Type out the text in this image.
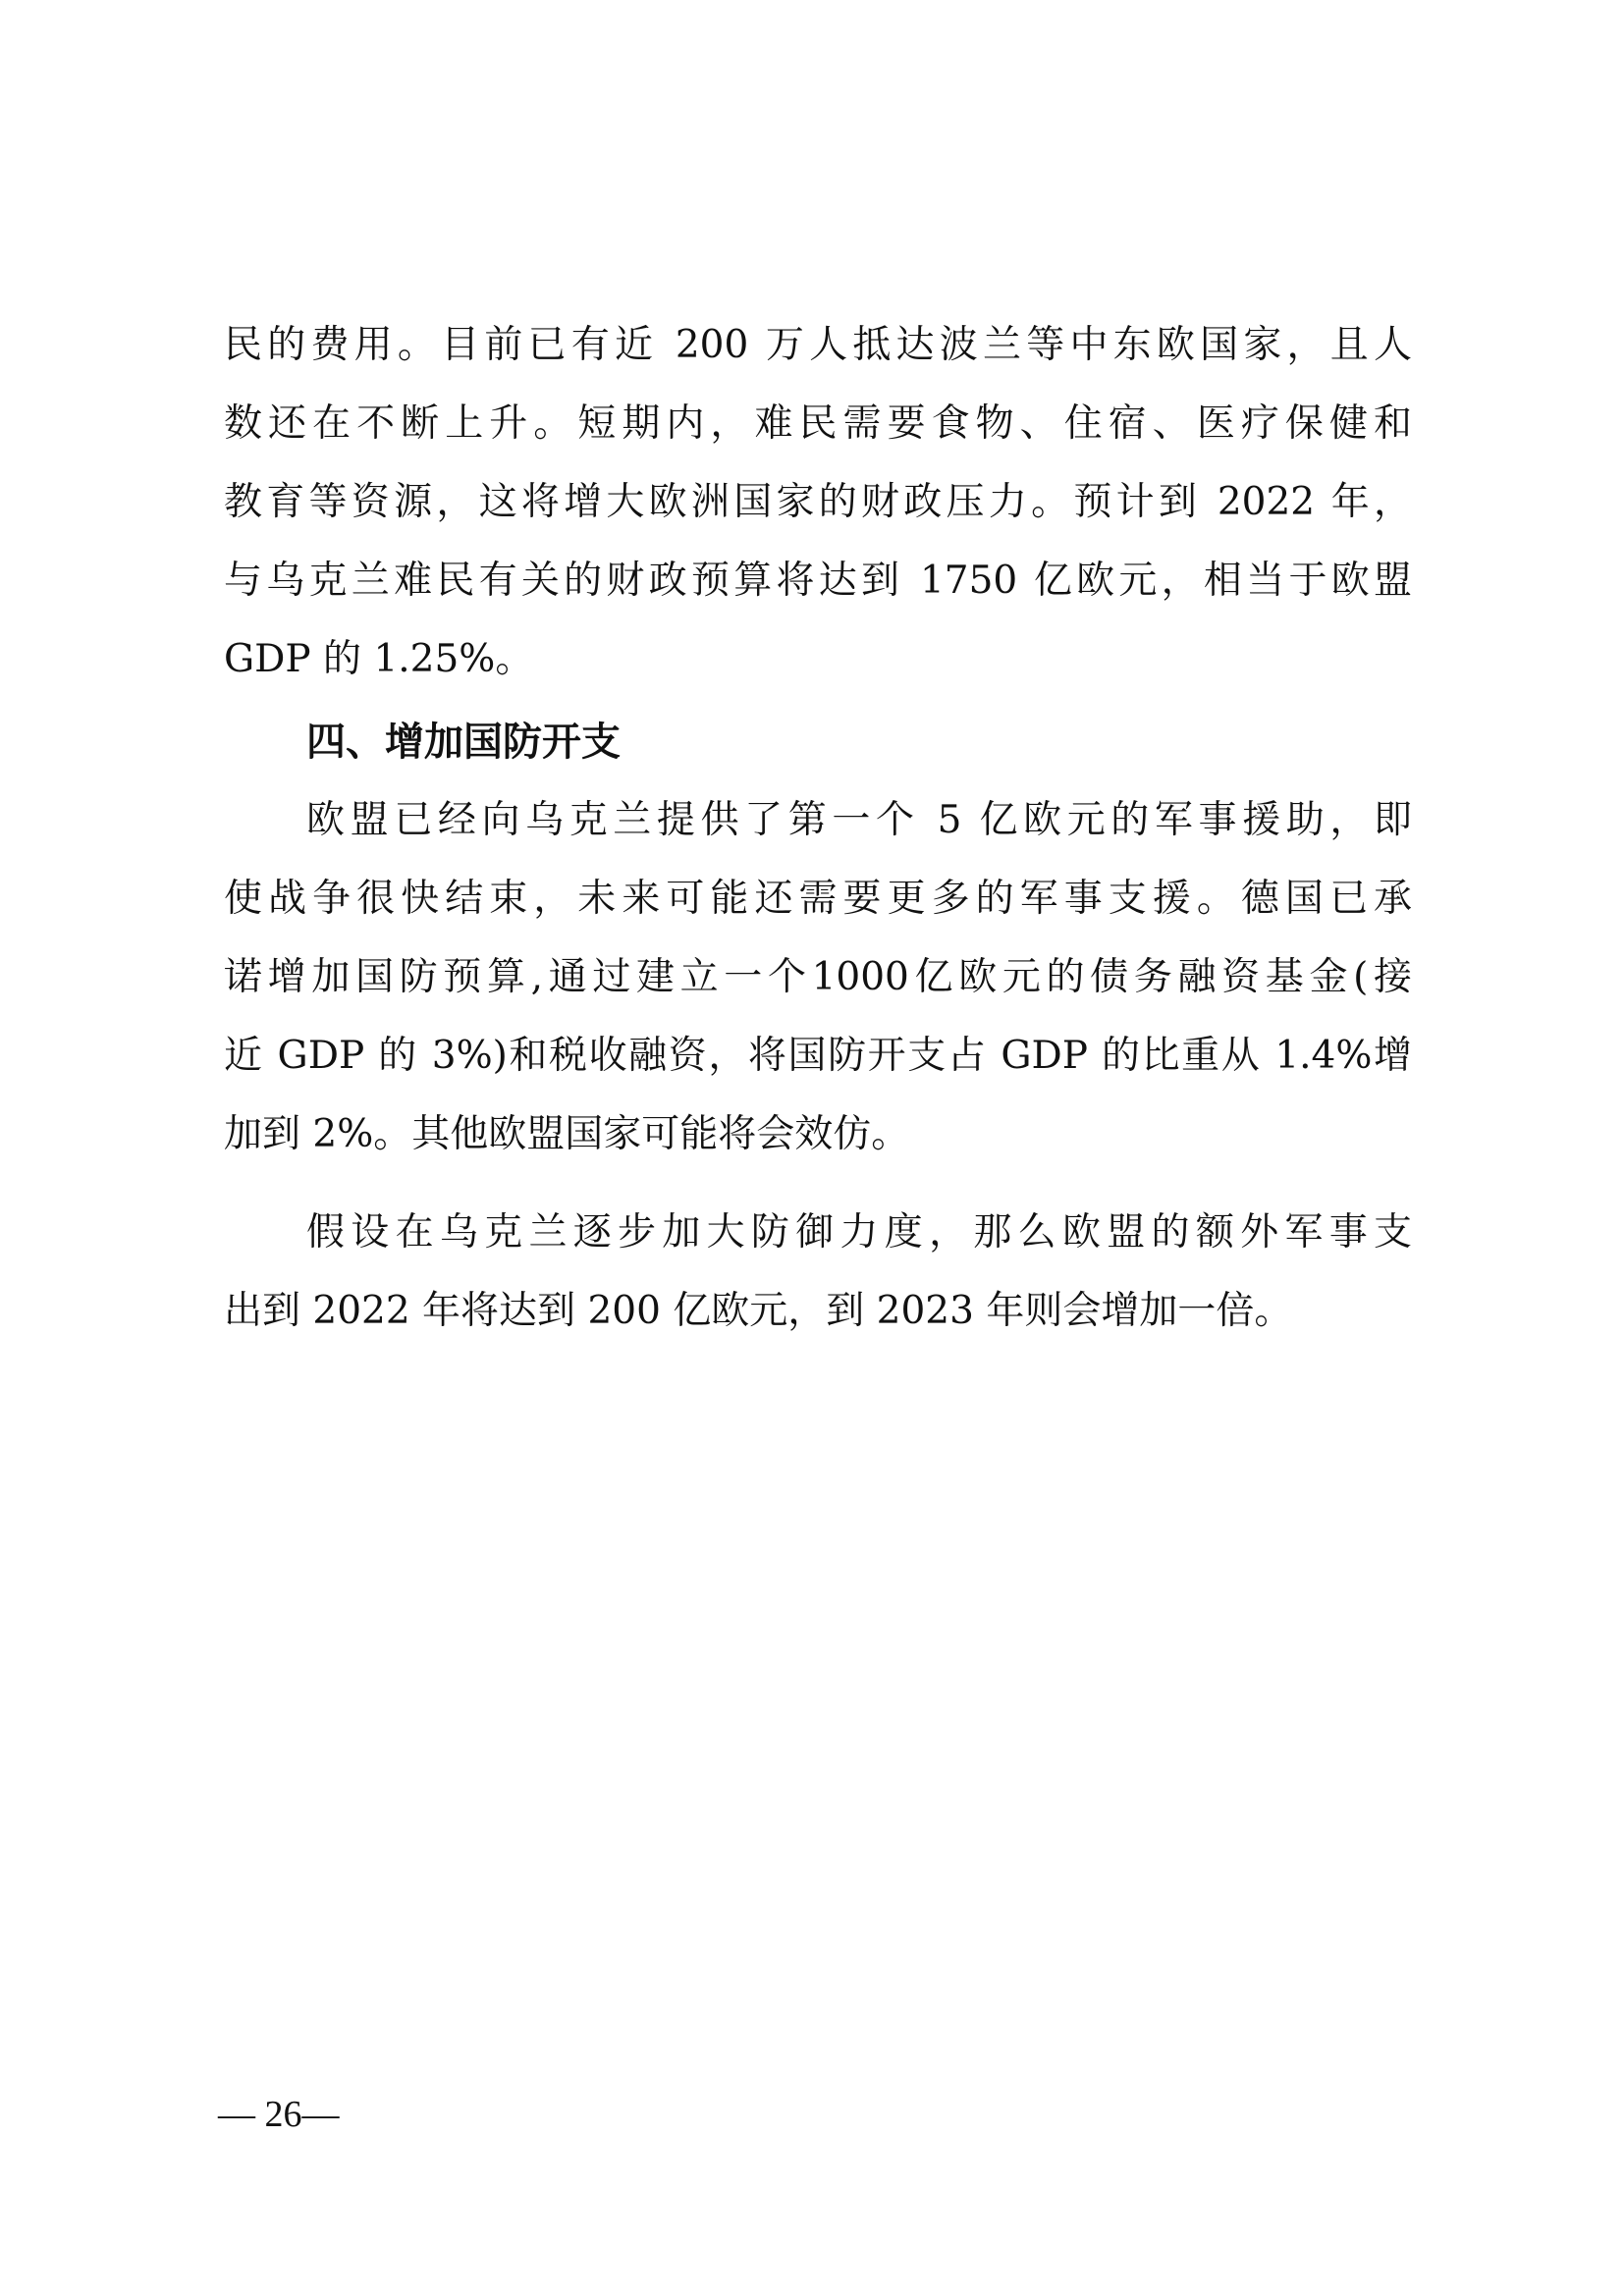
民的费用。目前已有近 200 万人抵达波兰等中东欧国家，且人
数还在不断上升。短期内，难民需要食物、住宿、医疗保健和
教育等资源，这将增大欧洲国家的财政压力。预计到 2022 年，
与乌克兰难民有关的财政预算将达到 1750 亿欧元，相当于欧盟
GDP 的 1.25%。
四、增加国防开支
欧盟已经向乌克兰提供了第一个 5 亿欧元的军事援助，即
使战争很快结束，未来可能还需要更多的军事支援。德国已承
诺增加国防预算,通过建立一个1000亿欧元的债务融资基金(接
近 GDP 的 3%)和税收融资，将国防开支占 GDP 的比重从 1.4%增
加到 2%。其他欧盟国家可能将会效仿。
假设在乌克兰逐步加大防御力度，那么欧盟的额外军事支
出到 2022 年将达到 200 亿欧元，到 2023 年则会增加一倍。
— 26—
